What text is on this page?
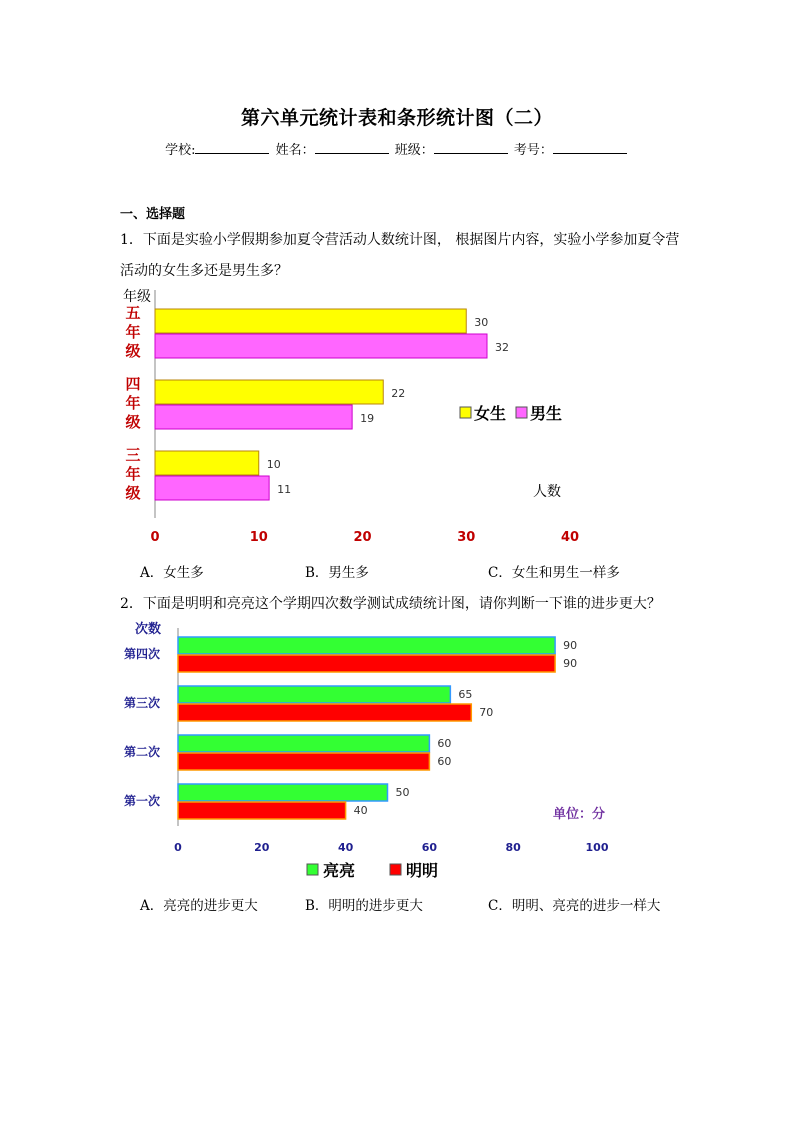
第六单元统计表和条形统计图（二）
学校:	姓名：	班级：	考号：
一、选择题
1．下面是实验小学假期参加夏令营活动人数统计图， 根据图片内容，实验小学参加夏令营
活动的女生多还是男生多？
年级
五
年
级
四
年
级
三
年
级
30
22
10
32
19
11
0	10	20	30	40
人数
女生 男生
A．女生多	B．男生多	C．女生和男生一样多
2．下面是明明和亮亮这个学期四次数学测试成绩统计图，请你判断一下谁的进步更大？
次数
第四次
第三次
第二次
第一次
90
65
60
50
90
70
60
40
0	20	40	60	80	100
单位：分
亮亮	明明
A．亮亮的进步更大	B．明明的进步更大	C．明明、亮亮的进步一样大
